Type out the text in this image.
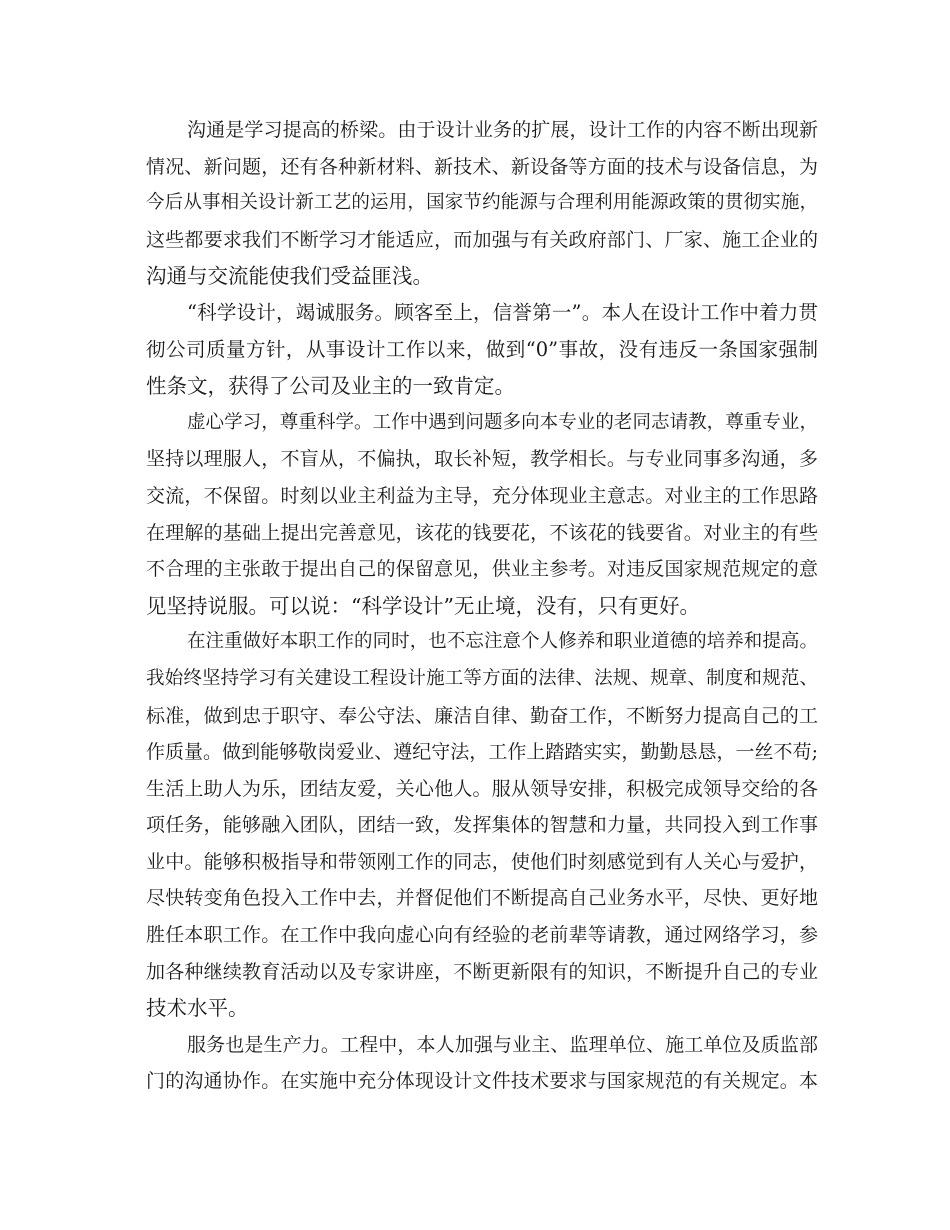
沟通是学习提高的桥梁。由于设计业务的扩展，设计工作的内容不断出现新
情况、新问题，还有各种新材料、新技术、新设备等方面的技术与设备信息，为
今后从事相关设计新工艺的运用，国家节约能源与合理利用能源政策的贯彻实施，
这些都要求我们不断学习才能适应，而加强与有关政府部门、厂家、施工企业的
沟通与交流能使我们受益匪浅。
“科学设计，竭诚服务。顾客至上，信誉第一”。本人在设计工作中着力贯
彻公司质量方针，从事设计工作以来，做到“0”事故，没有违反一条国家强制
性条文，获得了公司及业主的一致肯定。
虚心学习，尊重科学。工作中遇到问题多向本专业的老同志请教，尊重专业，
坚持以理服人，不盲从，不偏执，取长补短，教学相长。与专业同事多沟通，多
交流，不保留。时刻以业主利益为主导，充分体现业主意志。对业主的工作思路
在理解的基础上提出完善意见，该花的钱要花，不该花的钱要省。对业主的有些
不合理的主张敢于提出自己的保留意见，供业主参考。对违反国家规范规定的意
见坚持说服。可以说：“科学设计”无止境，没有，只有更好。
在注重做好本职工作的同时，也不忘注意个人修养和职业道德的培养和提高。
我始终坚持学习有关建设工程设计施工等方面的法律、法规、规章、制度和规范、
标准，做到忠于职守、奉公守法、廉洁自律、勤奋工作，不断努力提高自己的工
作质量。做到能够敬岗爱业、遵纪守法，工作上踏踏实实，勤勤恳恳，一丝不苟;
生活上助人为乐，团结友爱，关心他人。服从领导安排，积极完成领导交给的各
项任务，能够融入团队，团结一致，发挥集体的智慧和力量，共同投入到工作事
业中。能够积极指导和带领刚工作的同志，使他们时刻感觉到有人关心与爱护，
尽快转变角色投入工作中去，并督促他们不断提高自己业务水平，尽快、更好地
胜任本职工作。在工作中我向虚心向有经验的老前辈等请教，通过网络学习，参
加各种继续教育活动以及专家讲座，不断更新限有的知识，不断提升自己的专业
技术水平。
服务也是生产力。工程中，本人加强与业主、监理单位、施工单位及质监部
门的沟通协作。在实施中充分体现设计文件技术要求与国家规范的有关规定。本
